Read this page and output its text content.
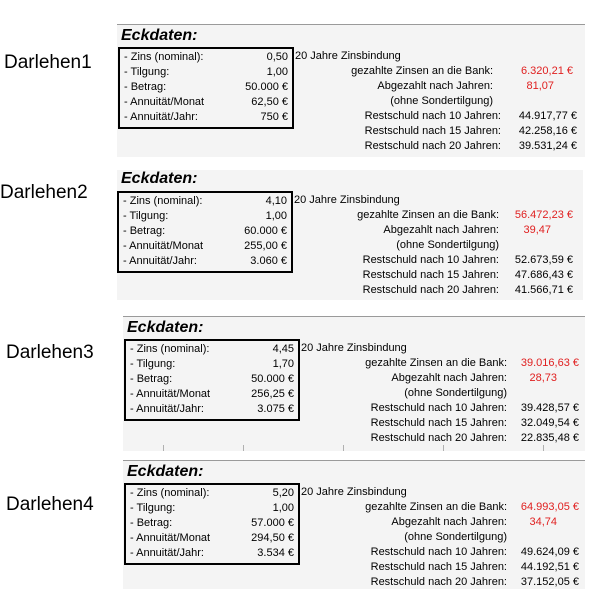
Darlehen1
Eckdaten:
- Zins (nominal):	0,50
- Tilgung:	1,00
- Betrag:	50.000 €
- Annuität/Monat	62,50 €
- Annuität/Jahr:	750 €
20 Jahre Zinsbindung
gezahlte Zinsen an die Bank:	6.320,21 €
Abgezahlt nach Jahren:	81,07
(ohne Sondertilgung)
Restschuld nach 10 Jahren: 44.917,77 €
Restschuld nach 15 Jahren: 42.258,16 €
Restschuld nach 20 Jahren: 39.531,24 €
Darlehen2
Eckdaten:
- Zins (nominal):	4,10
- Tilgung:	1,00
- Betrag:	60.000 €
- Annuität/Monat	255,00 €
- Annuität/Jahr:	3.060 €
20 Jahre Zinsbindung
gezahlte Zinsen an die Bank: 56.472,23 €
Abgezahlt nach Jahren: 39,47
(ohne Sondertilgung)
Restschuld nach 10 Jahren: 52.673,59 €
Restschuld nach 15 Jahren: 47.686,43 €
Restschuld nach 20 Jahren: 41.566,71 €
Darlehen3
Eckdaten:
- Zins (nominal):	4,45
- Tilgung:	1,70
- Betrag:	50.000 €
- Annuität/Monat	256,25 €
- Annuität/Jahr:	3.075 €
20 Jahre Zinsbindung
gezahlte Zinsen an die Bank: 39.016,63 €
Abgezahlt nach Jahren: 28,73
(ohne Sondertilgung)
Restschuld nach 10 Jahren: 39.428,57 €
Restschuld nach 15 Jahren: 32.049,54 €
Restschuld nach 20 Jahren: 22.835,48 €
Darlehen4
Eckdaten:
- Zins (nominal):	5,20
- Tilgung:	1,00
- Betrag:	57.000 €
- Annuität/Monat	294,50 €
- Annuität/Jahr:	3.534 €
20 Jahre Zinsbindung
gezahlte Zinsen an die Bank: 64.993,05 €
Abgezahlt nach Jahren: 34,74
(ohne Sondertilgung)
Restschuld nach 10 Jahren: 49.624,09 €
Restschuld nach 15 Jahren: 44.192,51 €
Restschuld nach 20 Jahren: 37.152,05 €
